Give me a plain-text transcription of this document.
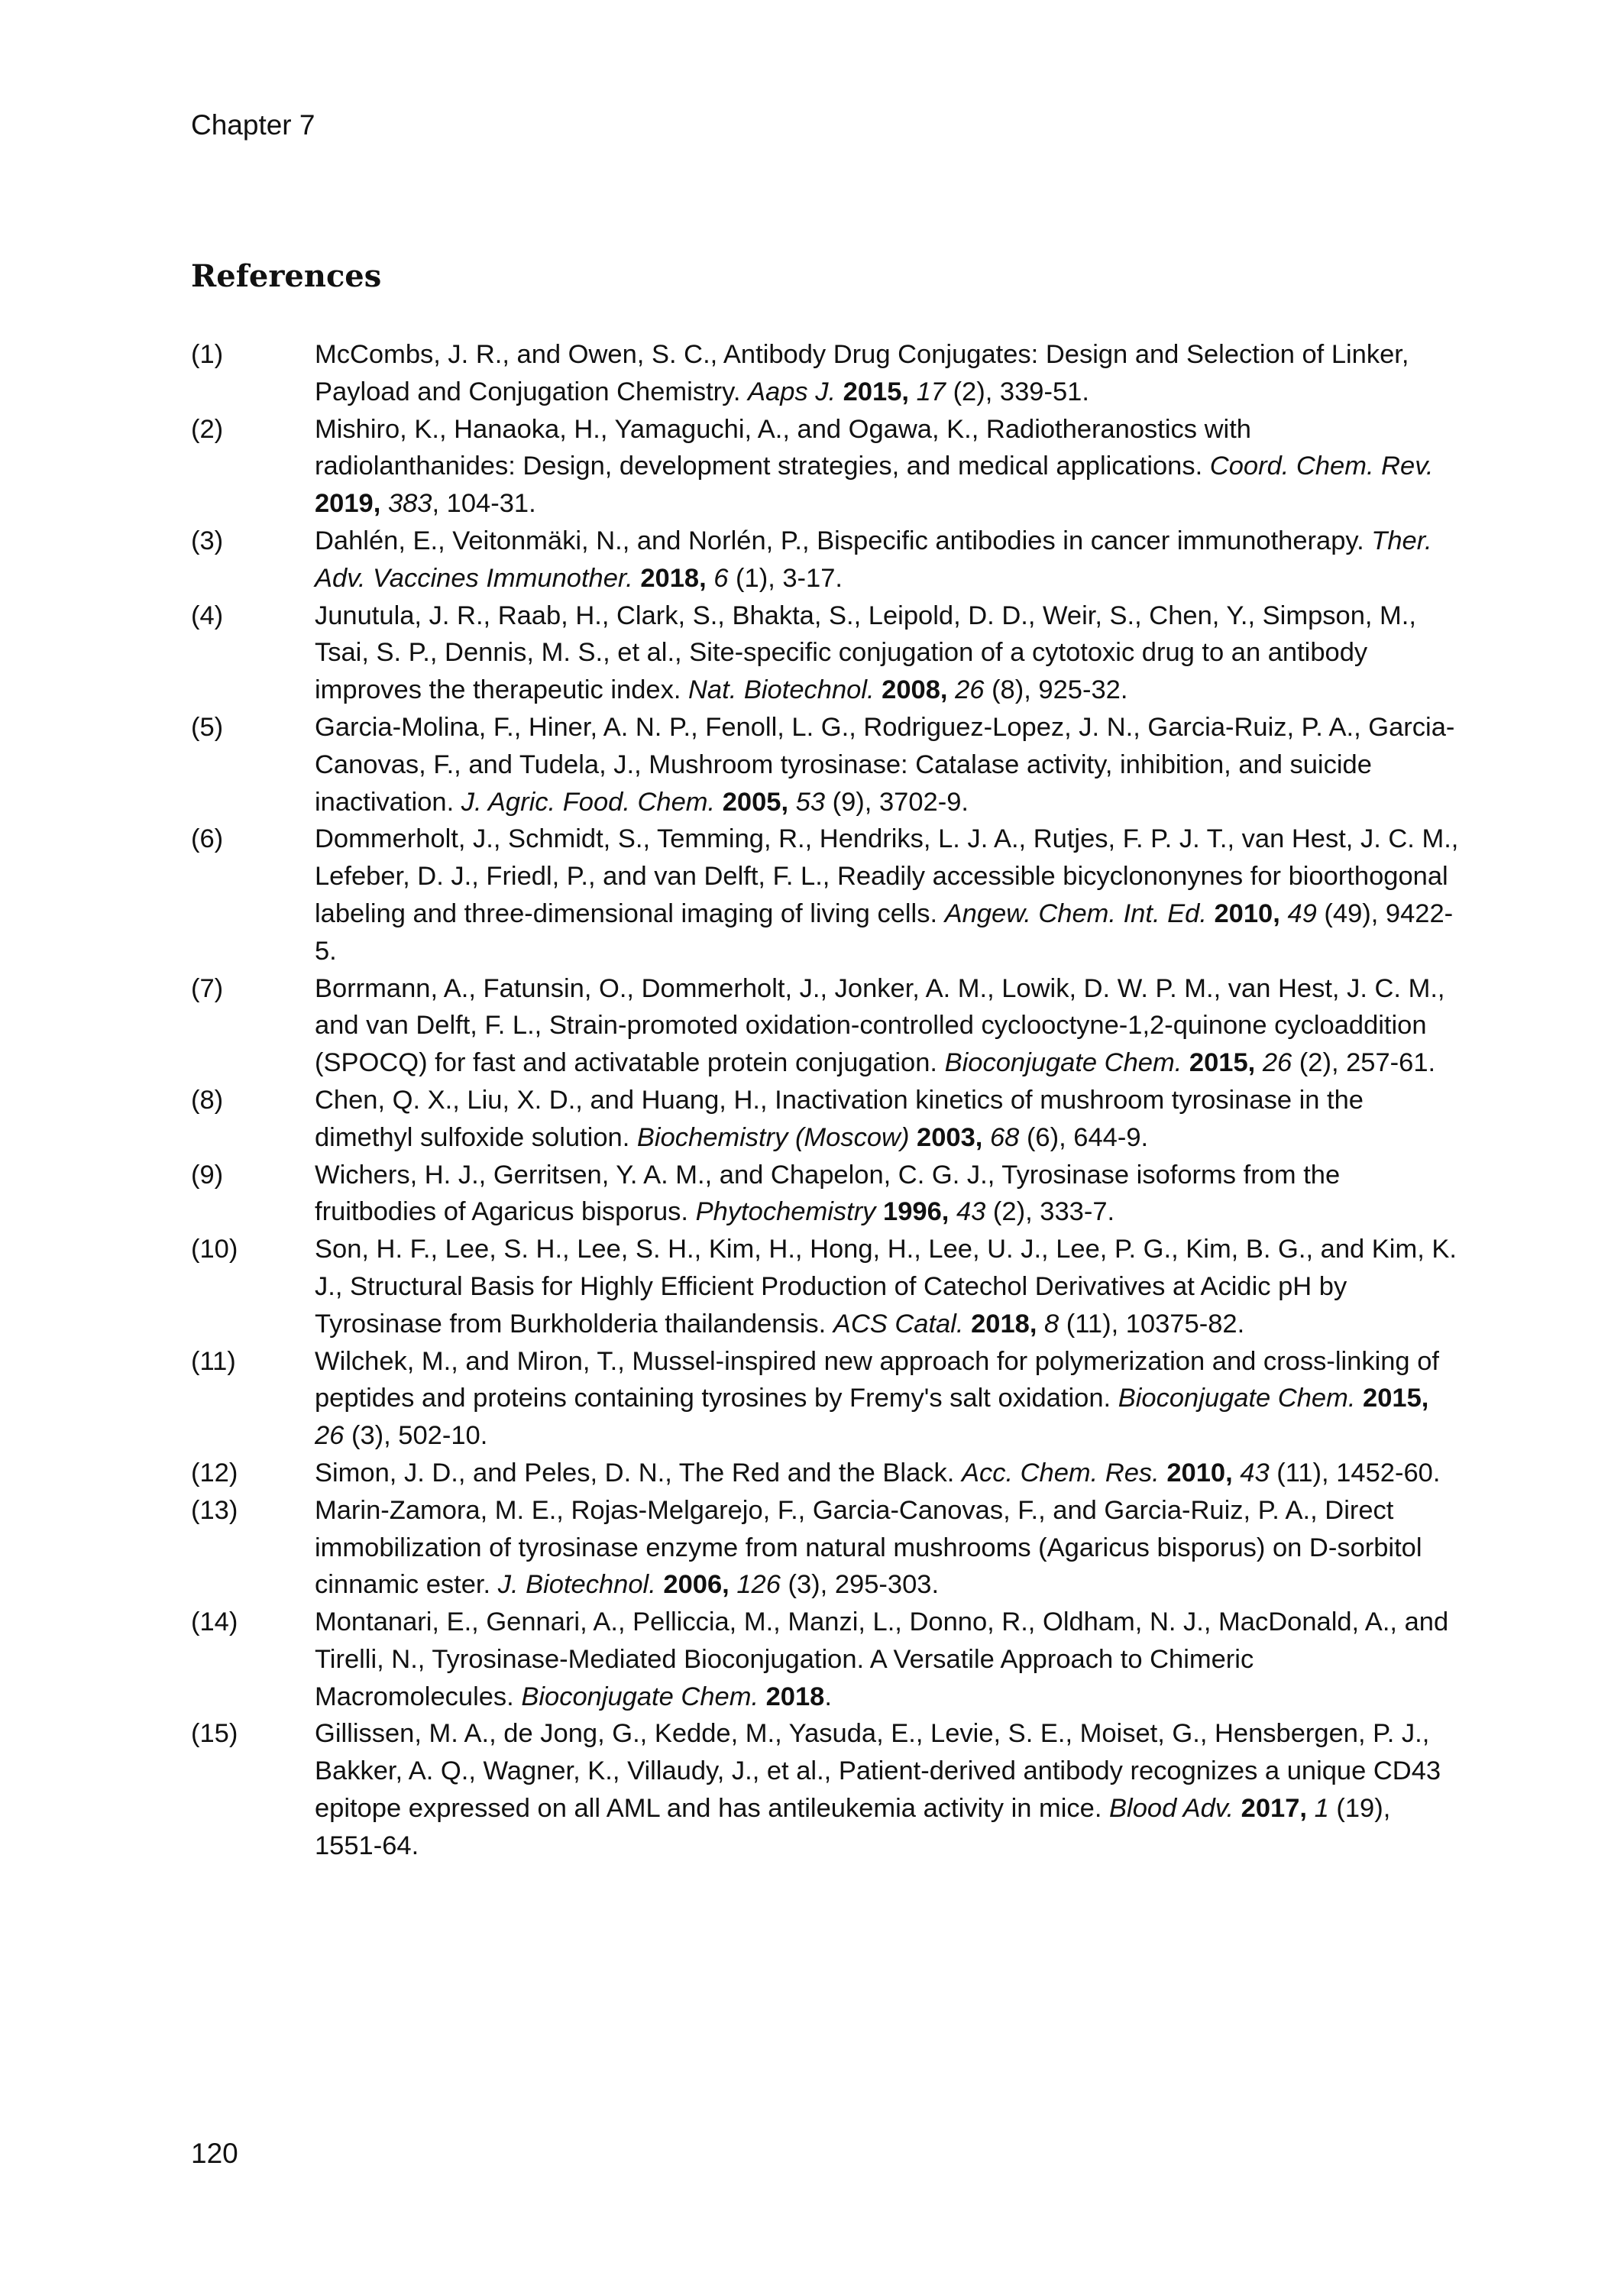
Chapter 7
References
(1)	McCombs, J. R., and Owen, S. C., Antibody Drug Conjugates: Design and Selection of Linker, Payload and Conjugation Chemistry. Aaps J. 2015, 17 (2), 339-51.
(2)	Mishiro, K., Hanaoka, H., Yamaguchi, A., and Ogawa, K., Radiotheranostics with radiolanthanides: Design, development strategies, and medical applications. Coord. Chem. Rev. 2019, 383, 104-31.
(3)	Dahlén, E., Veitonmäki, N., and Norlén, P., Bispecific antibodies in cancer immunotherapy. Ther. Adv. Vaccines Immunother. 2018, 6 (1), 3-17.
(4)	Junutula, J. R., Raab, H., Clark, S., Bhakta, S., Leipold, D. D., Weir, S., Chen, Y., Simpson, M., Tsai, S. P., Dennis, M. S., et al., Site-specific conjugation of a cytotoxic drug to an antibody improves the therapeutic index. Nat. Biotechnol. 2008, 26 (8), 925-32.
(5)	Garcia-Molina, F., Hiner, A. N. P., Fenoll, L. G., Rodriguez-Lopez, J. N., Garcia-Ruiz, P. A., Garcia-Canovas, F., and Tudela, J., Mushroom tyrosinase: Catalase activity, inhibition, and suicide inactivation. J. Agric. Food. Chem. 2005, 53 (9), 3702-9.
(6)	Dommerholt, J., Schmidt, S., Temming, R., Hendriks, L. J. A., Rutjes, F. P. J. T., van Hest, J. C. M., Lefeber, D. J., Friedl, P., and van Delft, F. L., Readily accessible bicyclononynes for bioorthogonal labeling and three-dimensional imaging of living cells. Angew. Chem. Int. Ed. 2010, 49 (49), 9422-5.
(7)	Borrmann, A., Fatunsin, O., Dommerholt, J., Jonker, A. M., Lowik, D. W. P. M., van Hest, J. C. M., and van Delft, F. L., Strain-promoted oxidation-controlled cyclooctyne-1,2-quinone cycloaddition (SPOCQ) for fast and activatable protein conjugation. Bioconjugate Chem. 2015, 26 (2), 257-61.
(8)	Chen, Q. X., Liu, X. D., and Huang, H., Inactivation kinetics of mushroom tyrosinase in the dimethyl sulfoxide solution. Biochemistry (Moscow) 2003, 68 (6), 644-9.
(9)	Wichers, H. J., Gerritsen, Y. A. M., and Chapelon, C. G. J., Tyrosinase isoforms from the fruitbodies of Agaricus bisporus. Phytochemistry 1996, 43 (2), 333-7.
(10)	Son, H. F., Lee, S. H., Lee, S. H., Kim, H., Hong, H., Lee, U. J., Lee, P. G., Kim, B. G., and Kim, K. J., Structural Basis for Highly Efficient Production of Catechol Derivatives at Acidic pH by Tyrosinase from Burkholderia thailandensis. ACS Catal. 2018, 8 (11), 10375-82.
(11)	Wilchek, M., and Miron, T., Mussel-inspired new approach for polymerization and cross-linking of peptides and proteins containing tyrosines by Fremy's salt oxidation. Bioconjugate Chem. 2015, 26 (3), 502-10.
(12)	Simon, J. D., and Peles, D. N., The Red and the Black. Acc. Chem. Res. 2010, 43 (11), 1452-60.
(13)	Marin-Zamora, M. E., Rojas-Melgarejo, F., Garcia-Canovas, F., and Garcia-Ruiz, P. A., Direct immobilization of tyrosinase enzyme from natural mushrooms (Agaricus bisporus) on D-sorbitol cinnamic ester. J. Biotechnol. 2006, 126 (3), 295-303.
(14)	Montanari, E., Gennari, A., Pelliccia, M., Manzi, L., Donno, R., Oldham, N. J., MacDonald, A., and Tirelli, N., Tyrosinase-Mediated Bioconjugation. A Versatile Approach to Chimeric Macromolecules. Bioconjugate Chem. 2018.
(15)	Gillissen, M. A., de Jong, G., Kedde, M., Yasuda, E., Levie, S. E., Moiset, G., Hensbergen, P. J., Bakker, A. Q., Wagner, K., Villaudy, J., et al., Patient-derived antibody recognizes a unique CD43 epitope expressed on all AML and has antileukemia activity in mice. Blood Adv. 2017, 1 (19), 1551-64.
120
